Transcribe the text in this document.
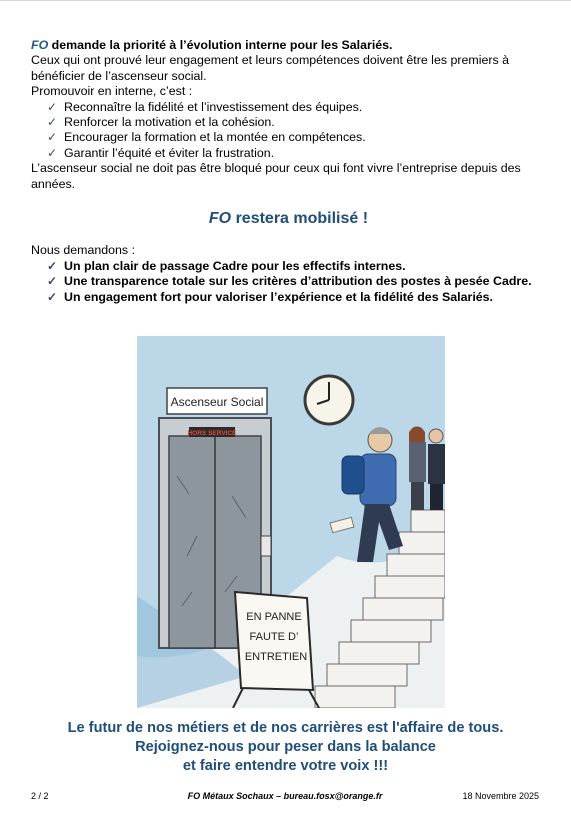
FO demande la priorité à l’évolution interne pour les Salariés.
Ceux qui ont prouvé leur engagement et leurs compétences doivent être les premiers à bénéficier de l’ascenseur social.
Promouvoir en interne, c’est :
✓ Reconnaître la fidélité et l’investissement des équipes.
✓ Renforcer la motivation et la cohésion.
✓ Encourager la formation et la montée en compétences.
✓ Garantir l’équité et éviter la frustration.
L’ascenseur social ne doit pas être bloqué pour ceux qui font vivre l’entreprise depuis des années.
FO restera mobilisé !
Nous demandons :
✓ Un plan clair de passage Cadre pour les effectifs internes.
✓ Une transparence totale sur les critères d’attribution des postes à pesée Cadre.
✓ Un engagement fort pour valoriser l’expérience et la fidélité des Salariés.
Ascenseur Social
HORS SERVICE
EN PANNE
FAUTE D’
ENTRETIEN
Le futur de nos métiers et de nos carrières est l'affaire de tous.
Rejoignez-nous pour peser dans la balance
et faire entendre votre voix !!!
2 / 2	FO Métaux Sochaux – bureau.fosx@orange.fr	18 Novembre 2025
